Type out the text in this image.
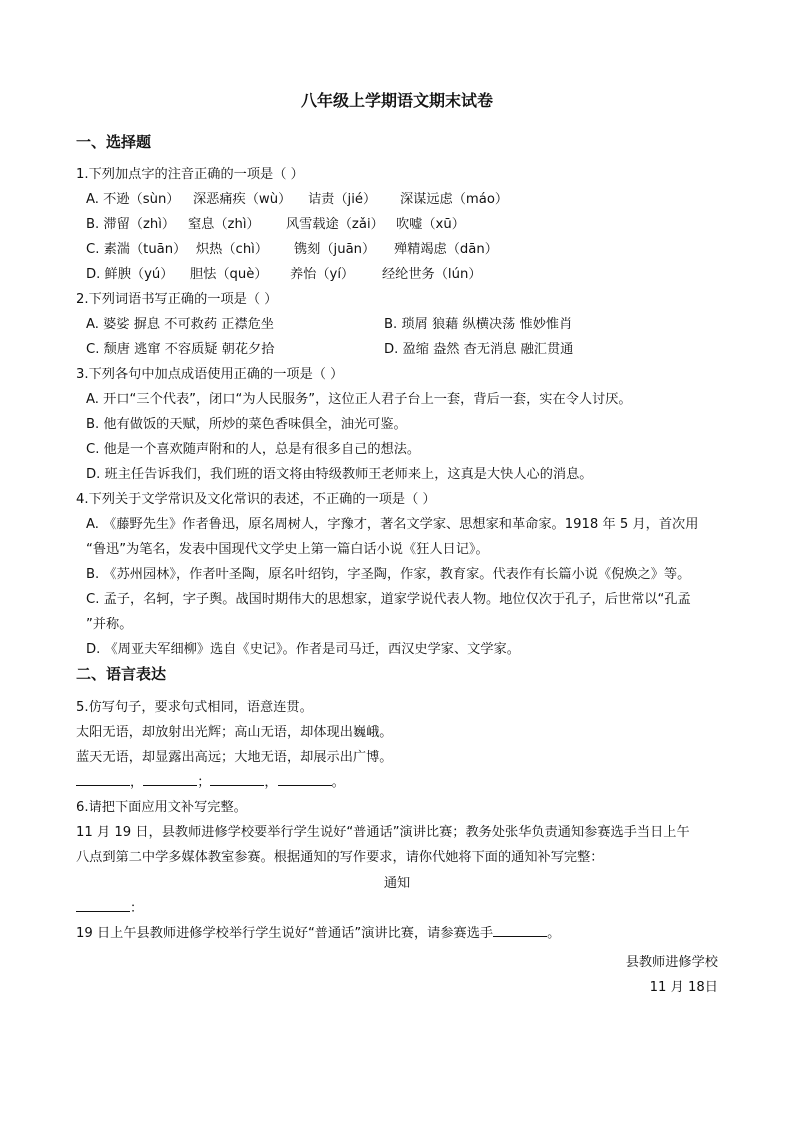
八年级上学期语文期末试卷
一、选择题
1.下列加点字的注音正确的一项是（ ）
A. 不逊（sùn） 深恶痛疾（wù） 诘责（jié） 深谋远虑（máo）
B. 滞留（zhì） 窒息（zhì） 风雪载途（zǎi） 吹嘘（xū）
C. 素湍（tuān） 炽热（chì） 镌刻（juān） 殚精竭虑（dān）
D. 鲜腴（yú） 胆怯（què） 养怡（yí） 经纶世务（lún）
2.下列词语书写正确的一项是（ ）
A. 婆娑 摒息 不可救药 正襟危坐	B. 琐屑 狼藉 纵横决荡 惟妙惟肖
C. 颓唐 逃窜 不容质疑 朝花夕拾	D. 盈缩 盎然 杳无消息 融汇贯通
3.下列各句中加点成语使用正确的一项是（ ）
A. 开口“三个代表”，闭口“为人民服务”，这位正人君子台上一套，背后一套，实在令人讨厌。
B. 他有做饭的天赋，所炒的菜色香味俱全，油光可鉴。
C. 他是一个喜欢随声附和的人，总是有很多自己的想法。
D. 班主任告诉我们，我们班的语文将由特级教师王老师来上，这真是大快人心的消息。
4.下列关于文学常识及文化常识的表述，不正确的一项是（ ）
A. 《藤野先生》作者鲁迅，原名周树人，字豫才，著名文学家、思想家和革命家。1918 年 5 月，首次用
“鲁迅”为笔名，发表中国现代文学史上第一篇白话小说《狂人日记》。
B. 《苏州园林》，作者叶圣陶，原名叶绍钧，字圣陶，作家，教育家。代表作有长篇小说《倪焕之》等。
C. 孟子，名轲，字子舆。战国时期伟大的思想家，道家学说代表人物。地位仅次于孔子，后世常以“孔孟
”并称。
D. 《周亚夫军细柳》选自《史记》。作者是司马迁，西汉史学家、文学家。
二、语言表达
5.仿写句子，要求句式相同，语意连贯。
太阳无语，却放射出光辉；高山无语，却体现出巍峨。
蓝天无语，却显露出高远；大地无语，却展示出广博。
，	；	，	。
6.请把下面应用文补写完整。
11 月 19 日，县教师进修学校要举行学生说好“普通话”演讲比赛；教务处张华负责通知参赛选手当日上午
八点到第二中学多媒体教室参赛。根据通知的写作要求，请你代她将下面的通知补写完整：
通知
：
19 日上午县教师进修学校举行学生说好“普通话”演讲比赛，请参赛选手	。
县教师进修学校
11 月 18日
